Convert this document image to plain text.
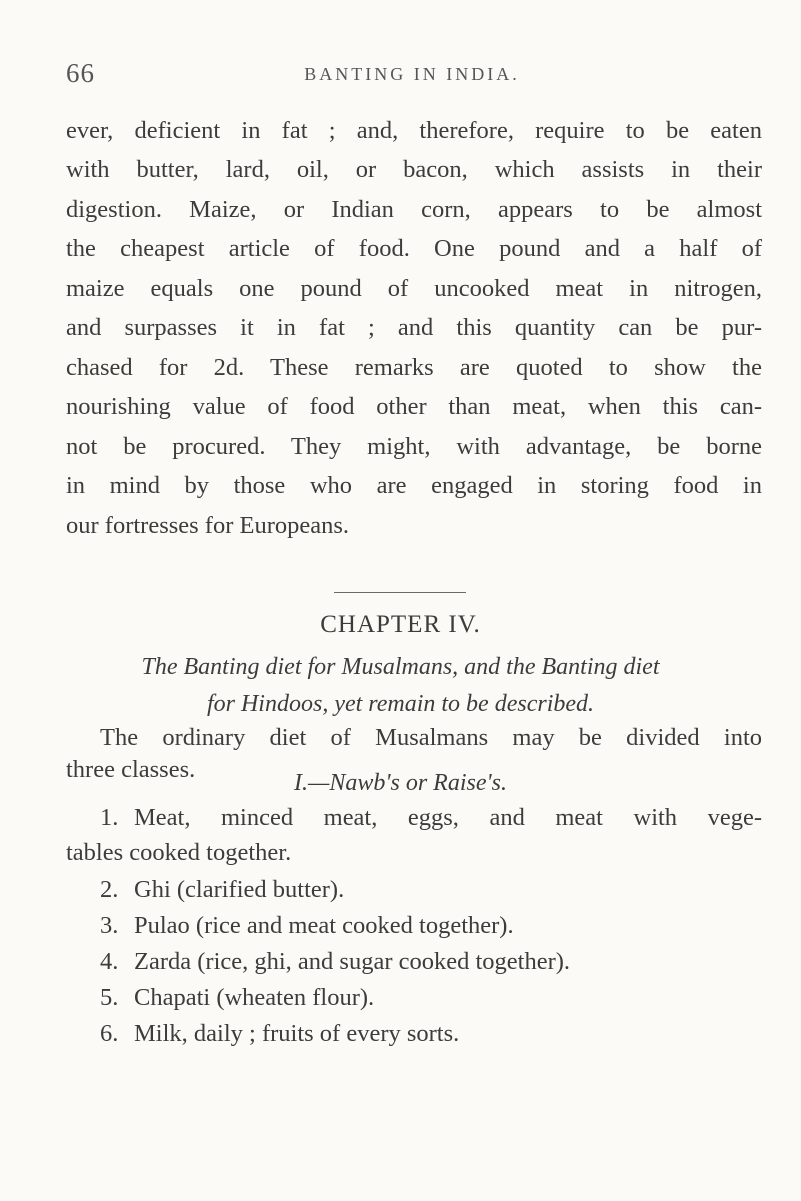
66	BANTING IN INDIA.
ever, deficient in fat ; and, therefore, require to be eaten
with butter, lard, oil, or bacon, which assists in their
digestion. Maize, or Indian corn, appears to be almost
the cheapest article of food. One pound and a half of
maize equals one pound of uncooked meat in nitrogen,
and surpasses it in fat ; and this quantity can be pur-
chased for 2d. These remarks are quoted to show the
nourishing value of food other than meat, when this can-
not be procured. They might, with advantage, be borne
in mind by those who are engaged in storing food in
our fortresses for Europeans.
CHAPTER IV.
The Banting diet for Musalmans, and the Banting diet
for Hindoos, yet remain to be described.
The ordinary diet of Musalmans may be divided into
three classes.	I.—Nawb's or Raise's.
1. Meat, minced meat, eggs, and meat with vege-
tables cooked together.
2. Ghi (clarified butter).
3. Pulao (rice and meat cooked together).
4. Zarda (rice, ghi, and sugar cooked together).
5. Chapati (wheaten flour).
6. Milk, daily ; fruits of every sorts.
